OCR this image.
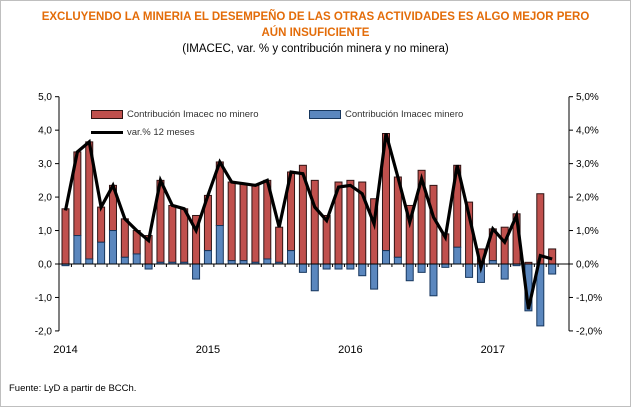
EXCLUYENDO LA MINERIA EL DESEMPEÑO DE LAS OTRAS ACTIVIDADES ES ALGO MEJOR PERO
AÚN INSUFICIENTE
(IMACEC, var. % y contribución minera y no minera)
5,0	5,0%
4,0	4,0%
3,0	3,0%
2,0	2,0%
1,0	1,0%
0,0	0,0%
-1,0	-1,0%
-2,0	-2,0%
2014	2015	2016	2017
Contribución Imacec no minero	Contribución Imacec minero
var.% 12 meses
Fuente: LyD a partir de BCCh.
